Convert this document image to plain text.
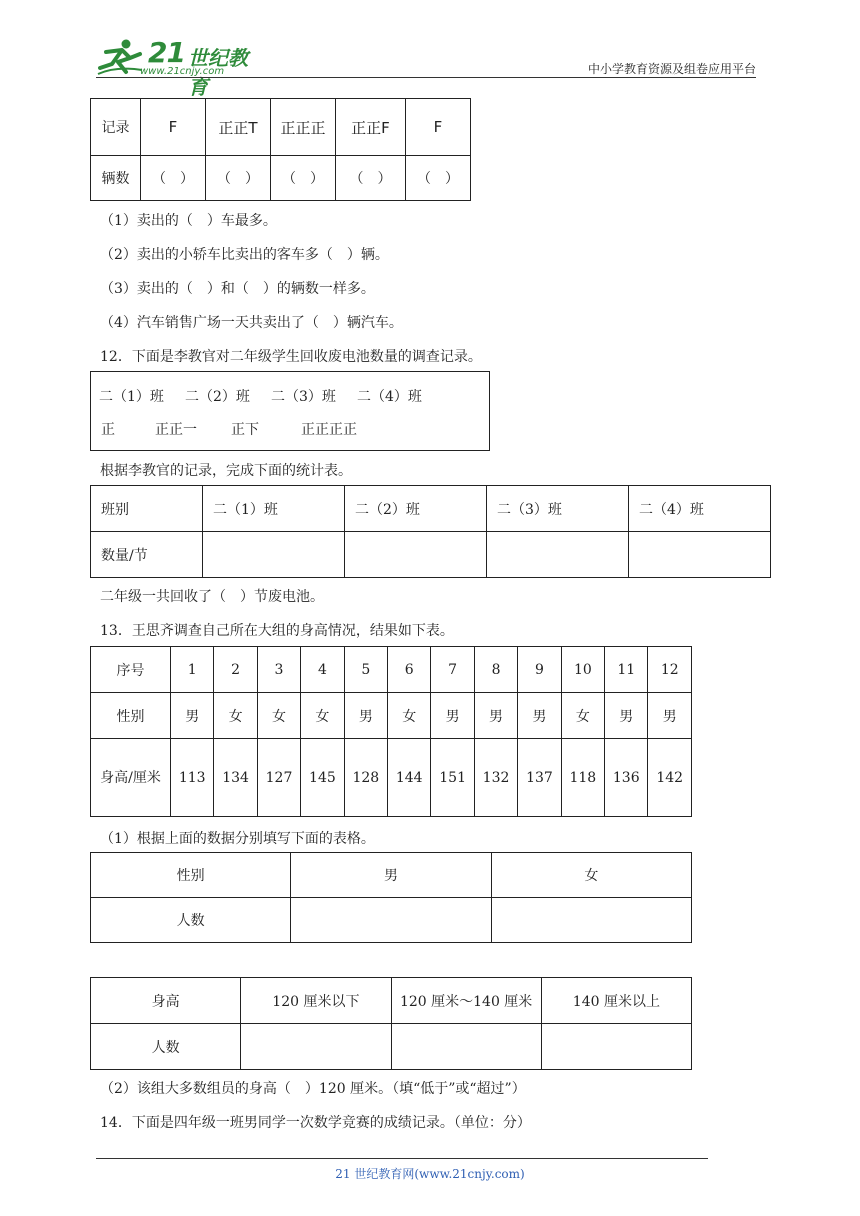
21 世纪教育
www.21cnjy.com	中小学教育资源及组卷应用平台
记录	F	正正T	正正正	正正F	F
辆数	（　）	（　）	（　）	（　）	（　）
（1）卖出的（　）车最多。
（2）卖出的小轿车比卖出的客车多（　）辆。
（3）卖出的（　）和（　）的辆数一样多。
（4）汽车销售广场一天共卖出了（　）辆汽车。
12．下面是李教官对二年级学生回收废电池数量的调查记录。
二（1）班 二（2）班 二（3）班 二（4）班
正	正正一 正下	正正正正
根据李教官的记录，完成下面的统计表。
班别	二（1）班	二（2）班	二（3）班	二（4）班
数量/节				
二年级一共回收了（　）节废电池。
13．王思齐调查自己所在大组的身高情况，结果如下表。
序号	1	2	3	4	5	6	7	8	9	10	11	12
性别	男	女	女	女	男	女	男	男	男	女	男	男
身高/厘米	113	134	127	145	128	144	151	132	137	118	136	142
（1）根据上面的数据分别填写下面的表格。
性别	男	女
人数		
身高	120 厘米以下	120 厘米～140 厘米	140 厘米以上
人数			
（2）该组大多数组员的身高（　）120 厘米。（填“低于”或“超过”）
14．下面是四年级一班男同学一次数学竞赛的成绩记录。（单位：分）
21 世纪教育网(www.21cnjy.com)
